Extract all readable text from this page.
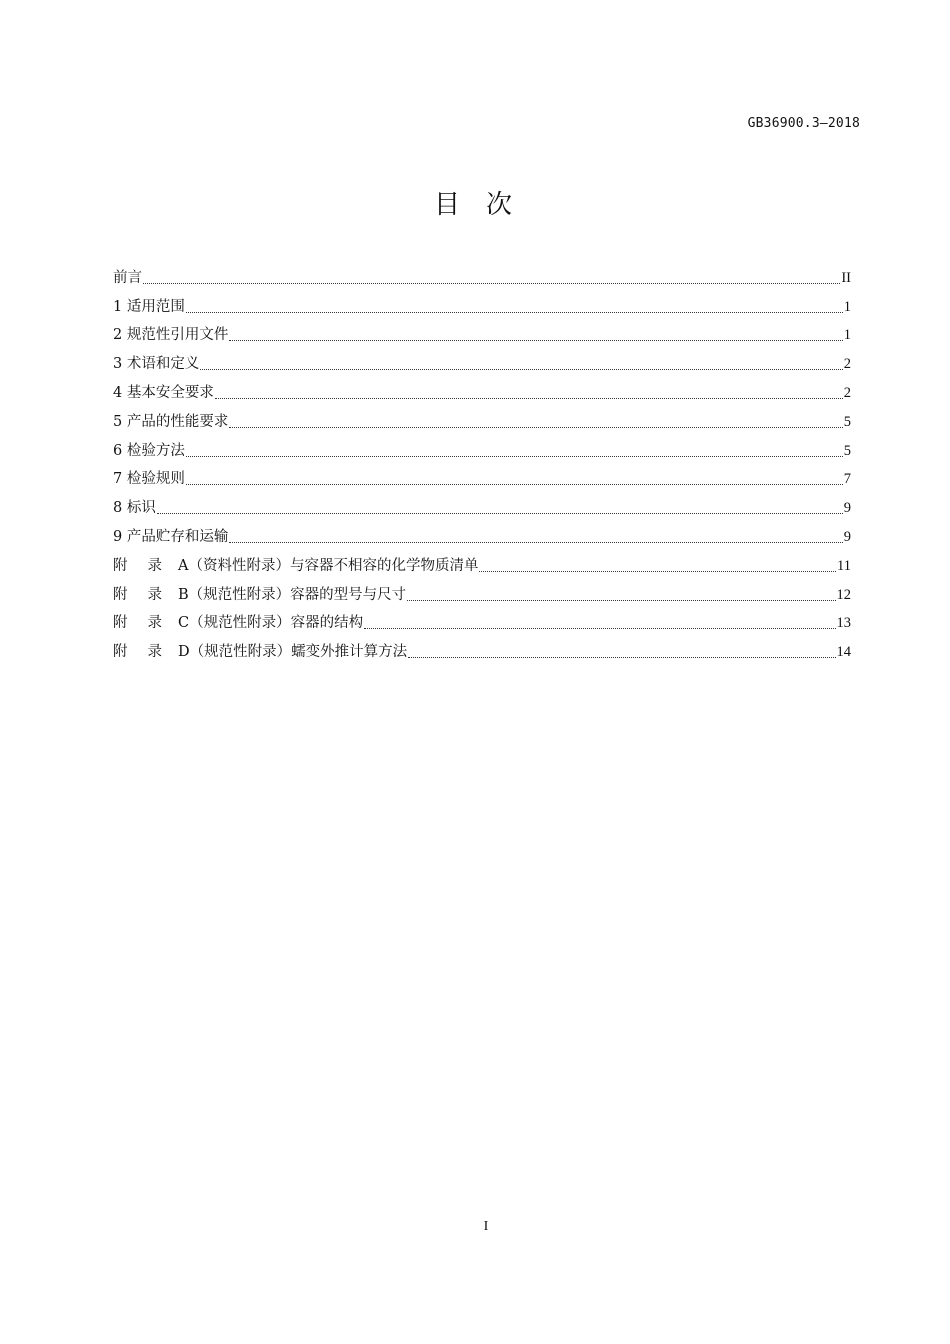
GB36900.3—2018
目 次
前言	II
1 适用范围	1
2 规范性引用文件	1
3 术语和定义	2
4 基本安全要求	2
5 产品的性能要求	5
6 检验方法	5
7 检验规则	7
8 标识	9
9 产品贮存和运输	9
附 录 A（资料性附录）与容器不相容的化学物质清单	11
附 录 B（规范性附录）容器的型号与尺寸	12
附 录 C（规范性附录）容器的结构	13
附 录 D（规范性附录）蠕变外推计算方法	14
I
